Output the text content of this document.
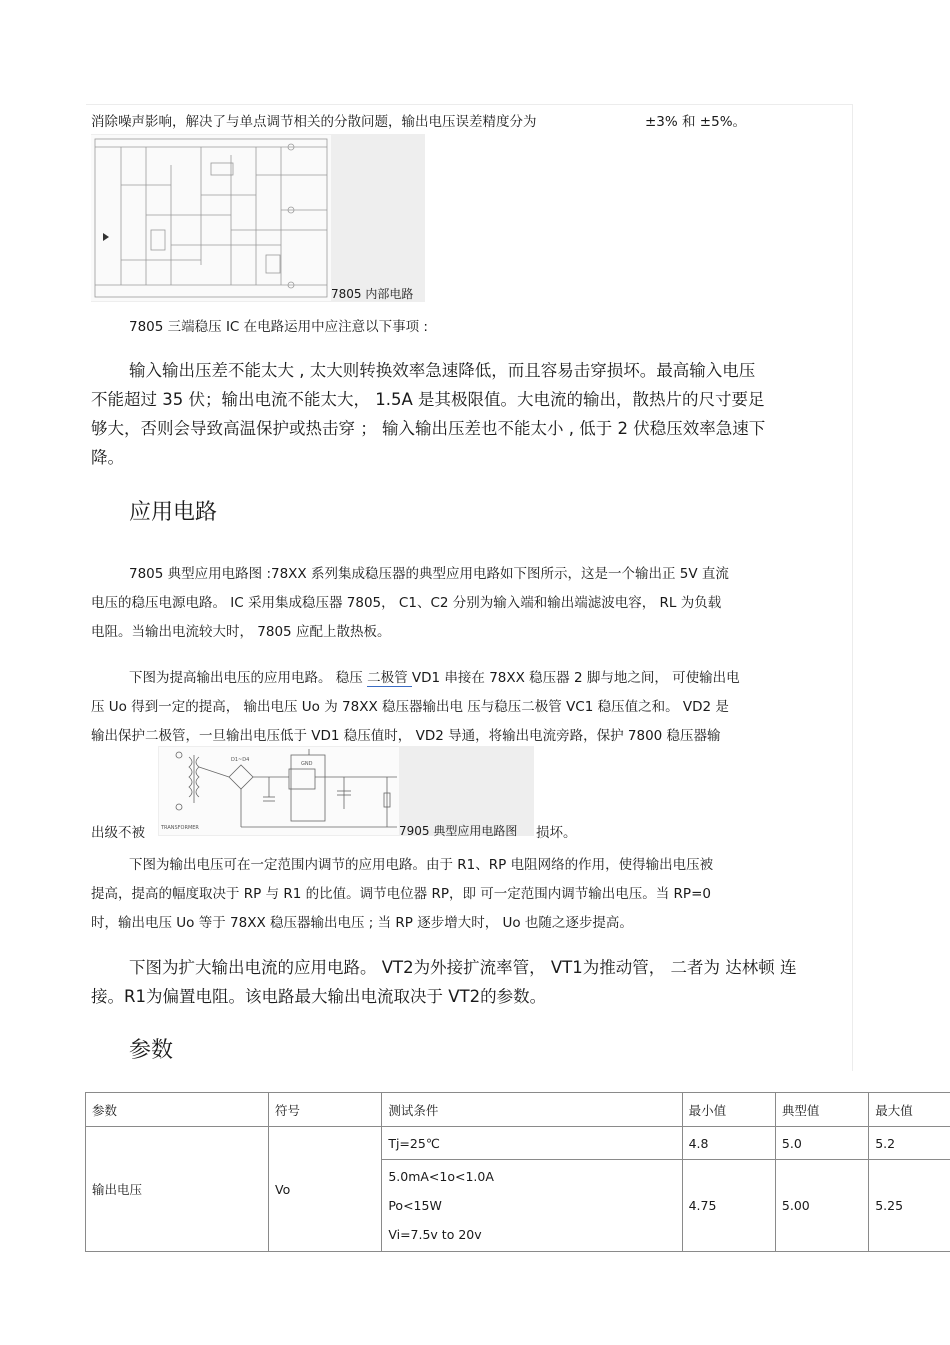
消除噪声影响，解决了与单点调节相关的分散问题，输出电压误差精度分为	±3% 和 ±5%。
7805 内部电路
7805 三端稳压 IC 在电路运用中应注意以下事项 :
输入输出压差不能太大 , 太大则转换效率急速降低，而且容易击穿损坏。最高输入电压
不能超过 35 伏；输出电流不能太大， 1.5A 是其极限值。大电流的输出，散热片的尺寸要足
够大，否则会导致高温保护或热击穿 ； 输入输出压差也不能太小 , 低于 2 伏稳压效率急速下
降。
应用电路
7805 典型应用电路图 :78XX 系列集成稳压器的典型应用电路如下图所示，这是一个输出正 5V 直流
电压的稳压电源电路。 IC 采用集成稳压器 7805， C1、C2 分别为输入端和输出端滤波电容， RL 为负载
电阻。当输出电流较大时， 7805 应配上散热板。
下图为提高输出电压的应用电路。 稳压 二极管 VD1 串接在 78XX 稳压器 2 脚与地之间， 可使输出电
压 Uo 得到一定的提高， 输出电压 Uo 为 78XX 稳压器输出电 压与稳压二极管 VC1 稳压值之和。 VD2 是
输出保护二极管，一旦输出电压低于 VD1 稳压值时， VD2 导通，将输出电流旁路，保护 7800 稳压器输
TRANSFORMER
D1~D4
GND
出级不被	7905 典型应用电路图 损坏。
下图为输出电压可在一定范围内调节的应用电路。由于 R1、RP 电阻网络的作用，使得输出电压被
提高，提高的幅度取决于 RP 与 R1 的比值。调节电位器 RP，即 可一定范围内调节输出电压。当 RP=0
时，输出电压 Uo 等于 78XX 稳压器输出电压 ; 当 RP 逐步增大时， Uo 也随之逐步提高。
下图为扩大输出电流的应用电路。 VT2为外接扩流率管， VT1为推动管， 二者为 达林顿 连
接。R1为偏置电阻。该电路最大输出电流取决于 VT2的参数。
参数
参数	符号	测试条件	最小值	典型值	最大值
输出电压	Vo	Tj=25℃	4.8	5.0	5.2

		5.0mA<1o<1.0A
Po<15W
Vi=7.5v to 20v	4.75	5.00	5.25
